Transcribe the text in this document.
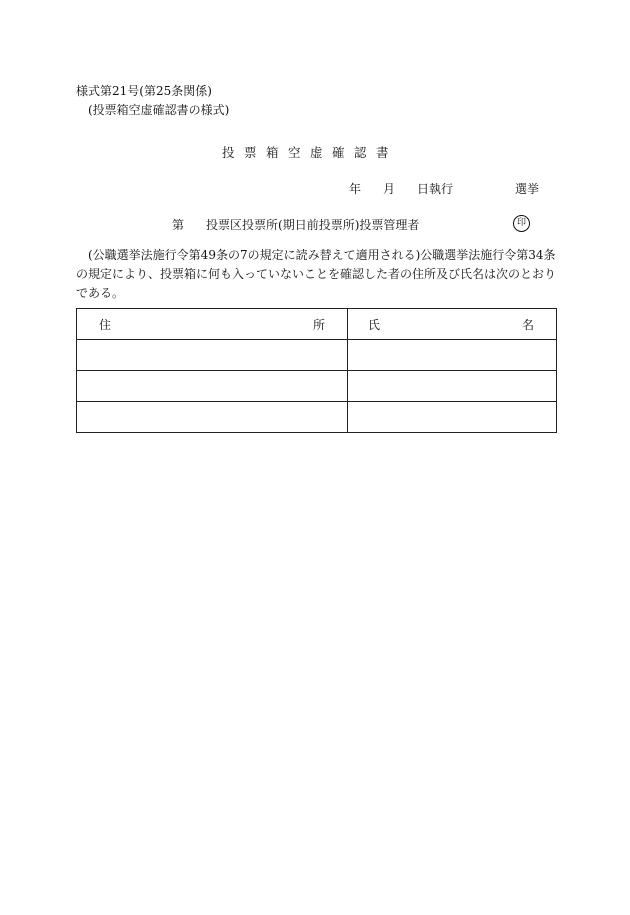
様式第21号(第25条関係)
(投票箱空虚確認書の様式)
投票箱空虚確認書
年 月 日執行	選挙
第 投票区投票所(期日前投票所)投票管理者	印
(公職選挙法施行令第49条の7の規定に読み替えて適用される)公職選挙法施行令第34条の規定により、投票箱に何も入っていないことを確認した者の住所及び氏名は次のとおりである。
住 所	氏 名
